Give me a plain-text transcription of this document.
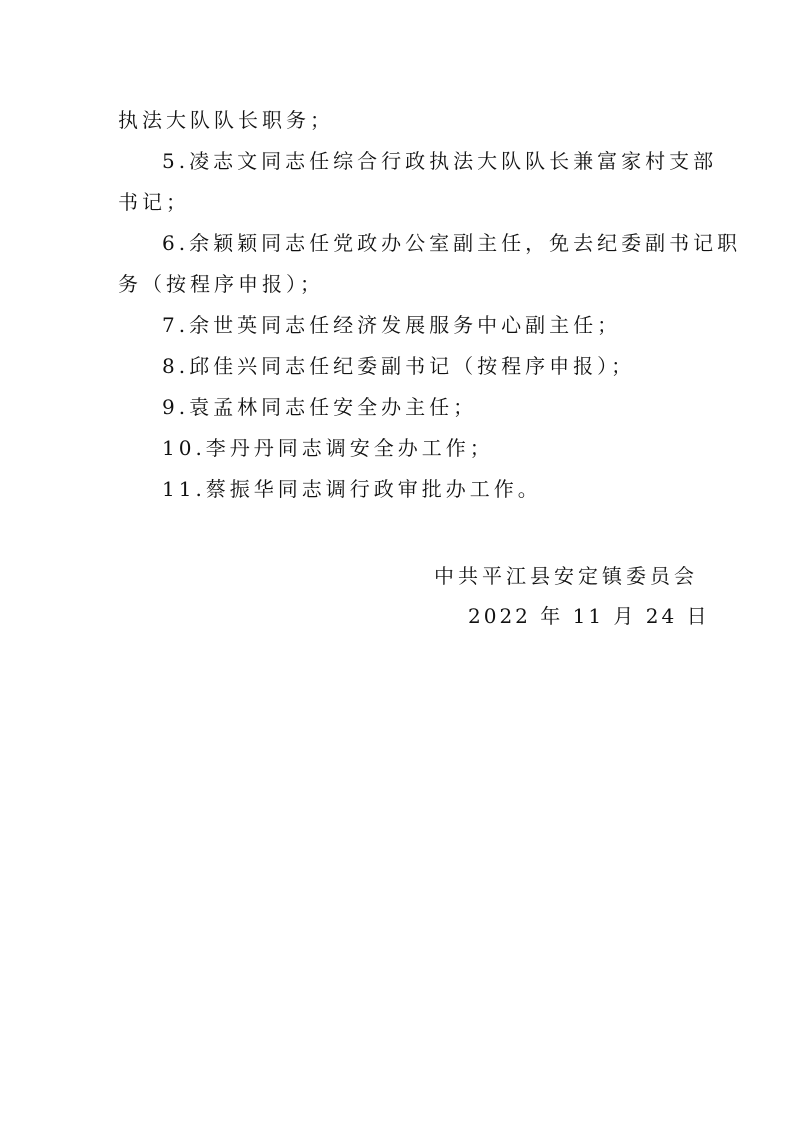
执法大队队长职务；
5.凌志文同志任综合行政执法大队队长兼富家村支部
书记；
6.余颖颖同志任党政办公室副主任，免去纪委副书记职
务（按程序申报）；
7.余世英同志任经济发展服务中心副主任；
8.邱佳兴同志任纪委副书记（按程序申报）；
9.袁孟林同志任安全办主任；
10.李丹丹同志调安全办工作；
11.蔡振华同志调行政审批办工作。
中共平江县安定镇委员会
2022 年 11 月 24 日
